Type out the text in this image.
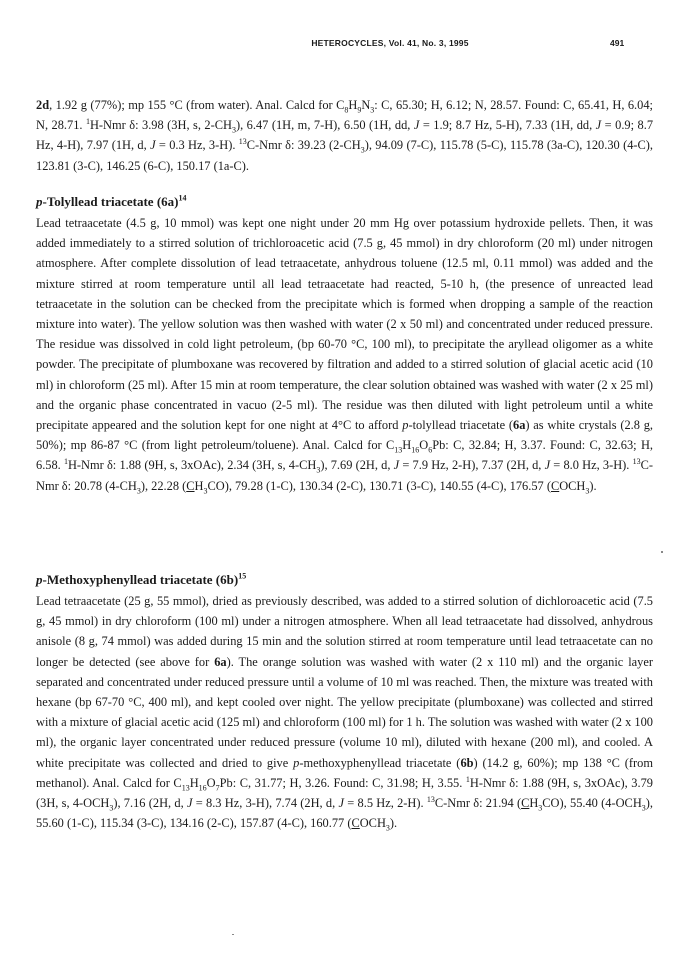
HETEROCYCLES, Vol. 41, No. 3, 1995	491

2d, 1.92 g (77%); mp 155 °C (from water). Anal. Calcd for $C_8H_9N_3$: C, 65.30; H, 6.12; N, 28.57. Found: C, 65.41, H, 6.04; N, 28.71. $^1$H-Nmr δ: 3.98 (3H, s, $2-CH_3$), 6.47 (1H, m, 7-H), 6.50 (1H, dd, J = 1.9; 8.7 Hz, 5-H), 7.33 (1H, dd, J = 0.9; 8.7 Hz, 4-H), 7.97 (1H, d, J = 0.3 Hz, 3-H). $^{13}$C-Nmr δ: 39.23 $(2-CH_3)$, 94.09 (7-C), 115.78 (5-C), 115.78 (3a-C), 120.30 (4-C), 123.81 (3-C), 146.25 (6-C), 150.17 (1a-C).

p-Tolyllead triacetate $(6a)^{14}$

Lead tetraacetate (4.5 g, 10 mmol) was kept one night under 20 mm Hg over potassium hydroxide pellets. Then, it was added immediately to a stirred solution of trichloroacetic acid (7.5 g, 45 mmol) in dry chloroform (20 ml) under nitrogen atmosphere. After complete dissolution of lead tetraacetate, anhydrous toluene (12.5 ml, 0.11 mmol) was added and the mixture stirred at room temperature until all lead tetraacetate had reacted, 5-10 h, (the presence of unreacted lead tetraacetate in the solution can be checked from the precipitate which is formed when dropping a sample of the reaction mixture into water). The yellow solution was then washed with water (2 x 50 ml) and concentrated under reduced pressure. The residue was dissolved in cold light petroleum, (bp 60-70 °C, 100 ml), to precipitate the aryllead oligomer as a white powder. The precipitate of plumboxane was recovered by filtration and added to a stirred solution of glacial acetic acid (10 ml) in chloroform (25 ml). After 15 min at room temperature, the clear solution obtained was washed with water (2 x 25 ml) and the organic phase concentrated in vacuo (2-5 ml). The residue was then diluted with light petroleum until a white precipitate appeared and the solution kept for one night at 4°C to afford p-tolyllead triacetate (6a) as white crystals (2.8 g, 50%); mp 86-87 °C (from light petroleum/toluene). Anal. Calcd for $C_{13}H_{16}O_6Pb$: C, 32.84; H, 3.37. Found: C, 32.63; H, 6.58. $^1$H-Nmr δ: 1.88 (9H, s, 3xOAc), 2.34 (3H, s, $4-CH_3$), 7.69 (2H, d, J = 7.9 Hz, 2-H), 7.37 (2H, d, J = 8.0 Hz, 3-H). $^{13}$C-Nmr δ: 20.78 $(4-CH_3)$, 22.28 $(CH_3CO)$, 79.28 (1-C), 130.34 (2-C), 130.71 (3-C), 140.55 (4-C), 176.57 $(COCH_3)$.

p-Methoxyphenyllead triacetate $(6b)^{15}$

Lead tetraacetate (25 g, 55 mmol), dried as previously described, was added to a stirred solution of dichloroacetic acid (7.5 g, 45 mmol) in dry chloroform (100 ml) under a nitrogen atmosphere. When all lead tetraacetate had dissolved, anhydrous anisole (8 g, 74 mmol) was added during 15 min and the solution stirred at room temperature until lead tetraacetate can no longer be detected (see above for 6a). The orange solution was washed with water (2 x 110 ml) and the organic layer separated and concentrated under reduced pressure until a volume of 10 ml was reached. Then, the mixture was treated with hexane (bp 67-70 °C, 400 ml), and kept cooled over night. The yellow precipitate (plumboxane) was collected and stirred with a mixture of glacial acetic acid (125 ml) and chloroform (100 ml) for 1 h. The solution was washed with water (2 x 100 ml), the organic layer concentrated under reduced pressure (volume 10 ml), diluted with hexane (200 ml), and cooled. A white precipitate was collected and dried to give p-methoxyphenyllead triacetate (6b) (14.2 g, 60%); mp 138 °C (from methanol). Anal. Calcd for $C_{13}H_{16}O_7Pb$: C, 31.77; H, 3.26. Found: C, 31.98; H, 3.55. $^1$H-Nmr δ: 1.88 (9H, s, 3xOAc), 3.79 (3H, s, $4-OCH_3$), 7.16 (2H, d, J = 8.3 Hz, 3-H), 7.74 (2H, d, J = 8.5 Hz, 2-H). $^{13}$C-Nmr δ: 21.94 $(CH_3CO)$, 55.40 $(4-OCH_3)$, 55.60 (1-C), 115.34 (3-C), 134.16 (2-C), 157.87 (4-C), 160.77 $(COCH_3)$.
